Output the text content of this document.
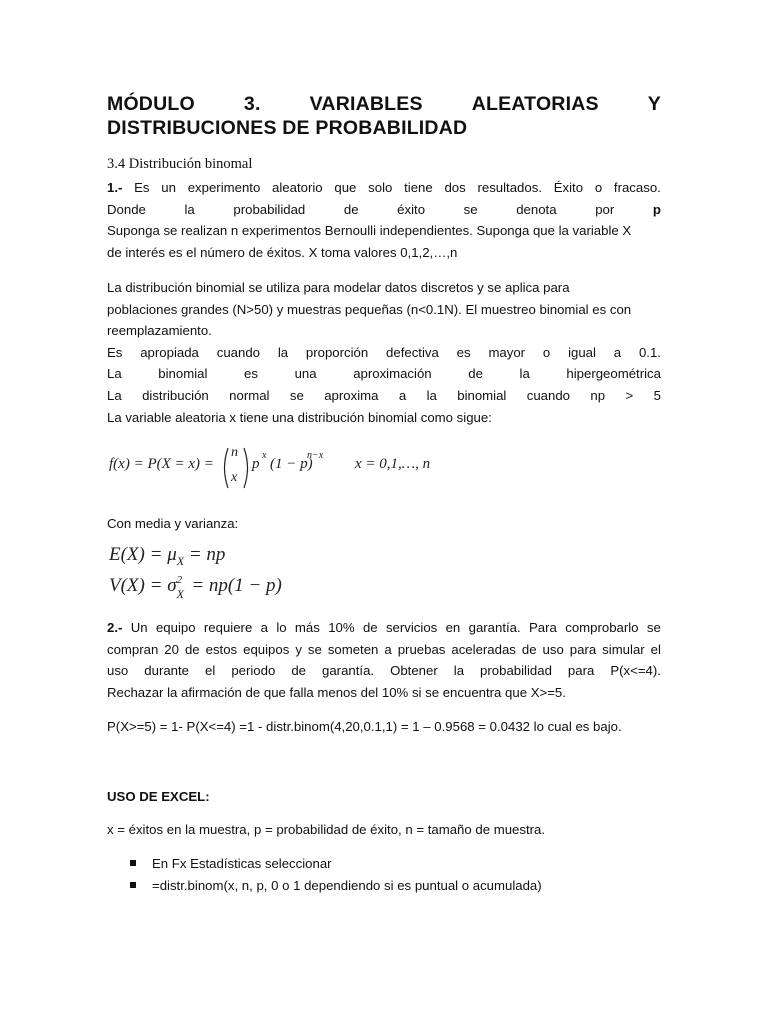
MÓDULO	3.	VARIABLES	ALEATORIAS	Y
DISTRIBUCIONES DE PROBABILIDAD
3.4 Distribución binomal
1.- Es un experimento aleatorio que solo tiene dos resultados. Éxito o fracaso.
Donde	la	probabilidad	de	éxito	se	denota	por	p
Suponga se realizan n experimentos Bernoulli independientes. Suponga que la variable X
de interés es el número de éxitos. X toma valores 0,1,2,…,n
La distribución binomial se utiliza para modelar datos discretos y se aplica para
poblaciones grandes (N>50) y muestras pequeñas (n<0.1N). El muestreo binomial es con
reemplazamiento.
Es apropiada cuando la proporción defectiva es mayor o igual a 0.1.
La	binomial	es	una	aproximación	de	la	hipergeométrica
La distribución normal se aproxima a la binomial cuando np > 5
La variable aleatoria x tiene una distribución binomial como sigue:
f(x) = P(X = x) =
n
x
p
x
(1 − p)
n−x
x = 0,1,…, n
Con media y varianza:
$E(X) = \mu_X$ = np
V(X) = σ 2
X = np(1 − p)
2.- Un equipo requiere a lo más 10% de servicios en garantía. Para comprobarlo se
compran 20 de estos equipos y se someten a pruebas aceleradas de uso para simular el
uso durante el periodo de garantía. Obtener la probabilidad para P(x<=4).
Rechazar la afirmación de que falla menos del 10% si se encuentra que X>=5.
P(X>=5) = 1- P(X<=4) =1 - distr.binom(4,20,0.1,1) = 1 – 0.9568 = 0.0432 lo cual es bajo.
USO DE EXCEL:
x = éxitos en la muestra, p = probabilidad de éxito, n = tamaño de muestra.
En Fx Estadísticas seleccionar
=distr.binom(x, n, p, 0 o 1 dependiendo si es puntual o acumulada)
